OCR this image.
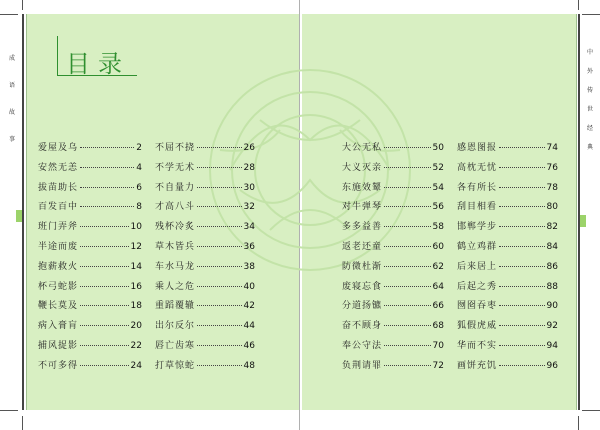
成
语
故
事
中
外
传
世
经
典
目录
爱屋及乌	2
安然无恙	4
拔苗助长	6
百发百中	8
班门弄斧	10
半途而废	12
抱薪救火	14
杯弓蛇影	16
鞭长莫及	18
病入膏肓	20
捕风捉影	22
不可多得	24
不屈不挠	26
不学无术	28
不自量力	30
才高八斗	32
残杯冷炙	34
草木皆兵	36
车水马龙	38
乘人之危	40
重蹈覆辙	42
出尔反尔	44
唇亡齿寒	46
打草惊蛇	48
大公无私	50
大义灭亲	52
东施效颦	54
对牛弹琴	56
多多益善	58
返老还童	60
防微杜渐	62
废寝忘食	64
分道扬镳	66
奋不顾身	68
奉公守法	70
负荆请罪	72
感恩图报	74
高枕无忧	76
各有所长	78
刮目相看	80
邯郸学步	82
鹤立鸡群	84
后来居上	86
后起之秀	88
囫囵吞枣	90
狐假虎威	92
华而不实	94
画饼充饥	96
